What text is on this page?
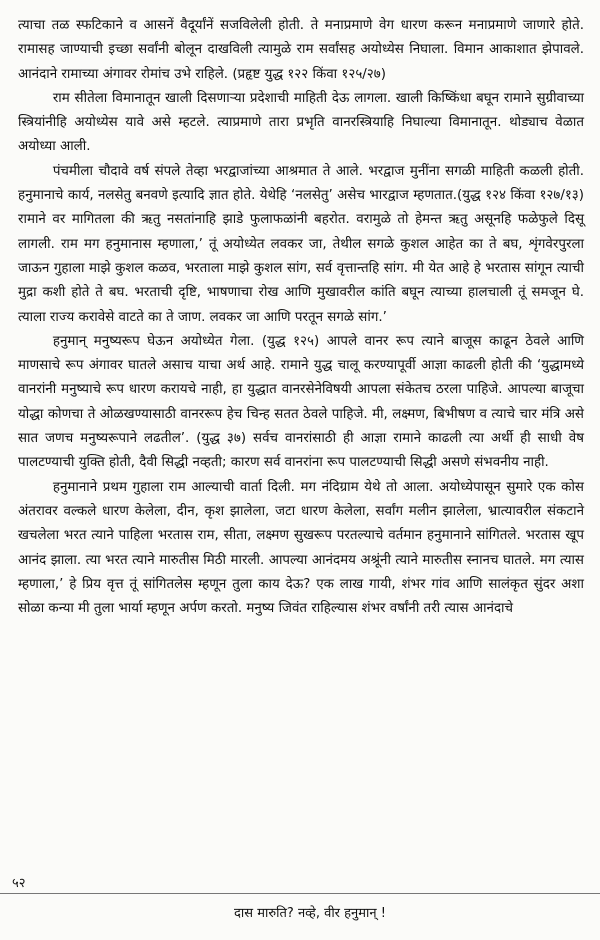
त्याचा तळ स्फटिकाने व आसनें वैदूर्यांनें सजविलेली होती. ते मनाप्रमाणे वेग धारण करून मनाप्रमाणे जाणारे होते. रामासह जाण्याची इच्छा सर्वांनी बोलून दाखविली त्यामुळे राम सर्वांसह अयोध्येस निघाला. विमान आकाशात झेपावले. आनंदाने रामाच्या अंगावर रोमांच उभे राहिले. (प्रहृष्ट युद्ध १२२ किंवा १२५/२७)

राम सीतेला विमानातून खाली दिसणा‍ऱ्या प्रदेशाची माहिती देऊ लागला. खाली किष्किंधा बघून रामाने सुग्रीवाच्या स्त्रियांनीहि अयोध्येस यावे असे म्हटले. त्याप्रमाणे तारा प्रभृति वानरस्त्रियाहि निघाल्या विमानातून. थोड्याच वेळात अयोध्या आली.

पंचमीला चौदावे वर्ष संपले तेव्हा भरद्वाजांच्या आश्रमात ते आले. भरद्वाज मुनींना सगळी माहिती कळली होती. हनुमानाचे कार्य, नलसेतु बनवणे इत्यादि ज्ञात होते. येथेहि ‘नलसेतु’ असेच भारद्वाज म्हणतात.(युद्ध १२४ किंवा १२७/१३) रामाने वर मागितला की ऋतु नसतांनाहि झाडे फुलाफळांनी बहरोत. वरामुळे तो हेमन्त ऋतु असूनहि फळेफुले दिसू लागली. राम मग हनुमानास म्हणाला,’ तूं अयोध्येत लवकर जा, तेथील सगळे कुशल आहेत का ते बघ, शृंगवेरपुरला जाऊन गुहाला माझे कुशल कळव, भरताला माझे कुशल सांग, सर्व वृत्तान्तहि सांग. मी येत आहे हे भरतास सांगून त्याची मुद्रा कशी होते ते बघ. भरताची दृष्टि, भाषणाचा रोख आणि मुखावरील कांति बघून त्याच्या हालचाली तूं समजून घे. त्याला राज्य करावेसे वाटते का ते जाण. लवकर जा आणि परतून सगळे सांग.’

हनुमान् मनुष्यरूप घेऊन अयोध्येत गेला. (युद्ध १२५) आपले वानर रूप त्याने बाजूस काढून ठेवले आणि माणसाचे रूप अंगावर घातले असाच याचा अर्थ आहे. रामाने युद्ध चालू करण्यापूर्वी आज्ञा काढली होती की ‘युद्धामध्ये वानरांनी मनुष्याचे रूप धारण करायचे नाही, हा युद्धात वानरसेनेविषयी आपला संकेतच ठरला पाहिजे. आपल्या बाजूचा योद्धा कोणचा ते ओळखण्यासाठी वानररूप हेच चिन्ह सतत ठेवले पाहिजे. मी, लक्ष्मण, बिभीषण व त्याचे चार मंत्रि असे सात जणच मनुष्यरूपाने लढतील’. (युद्ध ३७) सर्वच वानरांसाठी ही आज्ञा रामाने काढली त्या अर्थी ही साधी वेष पालटण्याची युक्ति होती, दैवी सिद्धी नव्हती; कारण सर्व वानरांना रूप पालटण्याची सिद्धी असणे संभवनीय नाही.

हनुमानाने प्रथम गुहाला राम आल्याची वार्ता दिली. मग नंदिग्राम येथे तो आला. अयोध्येपासून सुमारे एक कोस अंतरावर वल्कले धारण केलेला, दीन, कृश झालेला, जटा धारण केलेला, सर्वांग मलीन झालेला, भ्रात्यावरील संकटाने खचलेला भरत त्याने पाहिला भरतास राम, सीता, लक्ष्मण सुखरूप परतल्याचे वर्तमान हनुमानाने सांगितले. भरतास खूप आनंद झाला. त्या भरत त्याने मारुतीस मिठी मारली. आपल्या आनंदमय अश्रूंनी त्याने मारुतीस स्नानच घातले. मग त्यास म्हणाला,’ हे प्रिय वृत्त तूं सांगितलेस म्हणून तुला काय देऊ? एक लाख गायी, शंभर गांव आणि सालंकृत सुंदर अशा सोळा कन्या मी तुला भार्या म्हणून अर्पण करतो. मनुष्य जिवंत राहिल्यास शंभर वर्षांनी तरी त्यास आनंदाचे

५२
दास मारुति? नव्हे, वीर हनुमान् !
